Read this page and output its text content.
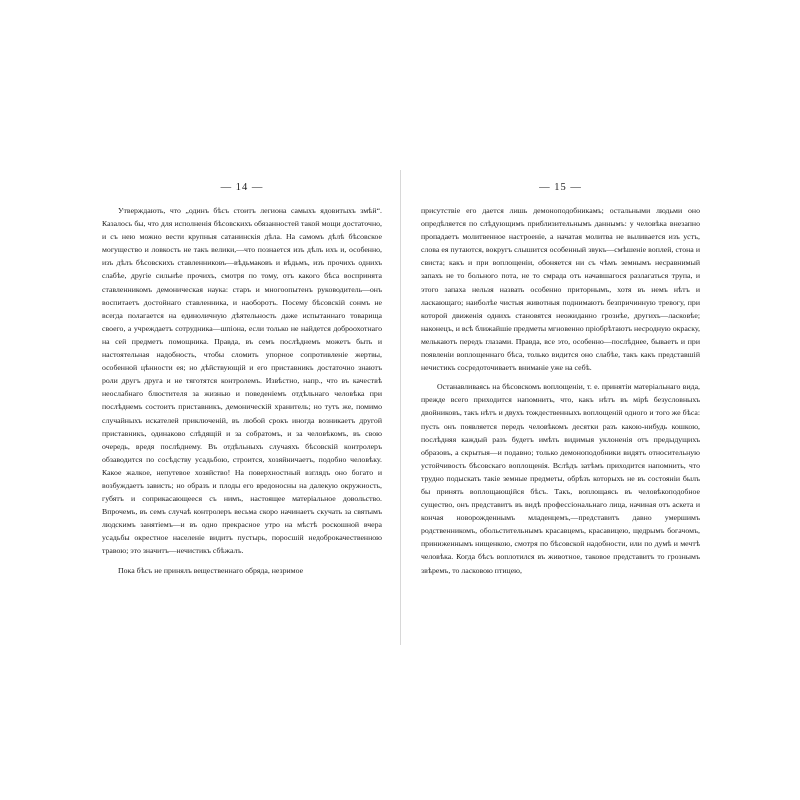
— 14 —

Утверждають, что „одинъ бѣсъ стоитъ легиона самыхъ ядовитыхъ змѣй“. Казалось бы, что для исполненія бѣсовскихъ обязанностей такой мощи достаточно, и съ нею можно вести крупныя сатанинскія дѣла. На самомъ дѣлѣ бѣсовское могущество и ловкость не такъ велики,—что познается изъ дѣлъ ихъ и, особенно, изъ дѣлъ бѣсовскихъ ставленниковъ—вѣдьмаковъ и вѣдьмъ, изъ прочихъ однихъ слабѣе, другіе сильнѣе прочихъ, смотря по тому, отъ какого бѣса воспринята ставленникомъ демоническая наука: старъ и многоопытенъ руководитель—онъ воспитаетъ достойнаго ставленника, и наоборотъ. Посему бѣсовскій сонмъ не всегда полагается на единоличную дѣятельность даже испытаннаго товарища своего, а учреждаетъ сотрудника—шпіона, если только не найдется доброохотнаго на сей предметъ помощника. Правда, въ семъ послѣднемъ можетъ быть и настоятельная надобность, чтобы сломить упорное сопротивленіе жертвы, особенной цѣнности ея; но дѣйствующій и его приставникъ достаточно знаютъ роли другъ друга и не тяготятся контролемъ. Извѣстно, напр., что въ качествѣ неослабнаго блюстителя за жизнью и поведеніемъ отдѣльнаго человѣка при послѣднемъ состоитъ приставникъ, демоническій хранитель; но тутъ же, помимо случайныхъ искателей приключеній, въ любой срокъ иногда возникаетъ другой приставникъ, одинаково слѣдящій и за собратомъ, и за человѣкомъ, въ свою очередь, вредя послѣднему. Въ отдѣльныхъ случаяхъ бѣсовскій контролеръ обзаводится по сосѣдству усадьбою, строится, хозяйничаетъ, подобно человѣку. Какое жалкое, непутевое хозяйство! На поверхностный взглядъ оно богато и возбуждаетъ зависть; но образъ и плоды его вредоносны на далекую окружность, губятъ и соприкасающееся съ нимъ, настоящее матеріальное довольство. Впрочемъ, въ семъ случаѣ контролеръ весьма скоро начинаетъ скучать за святымъ людскимъ занятіемъ—и въ одно прекрасное утро на мѣстѣ роскошной вчера усадьбы окрестное населеніе видитъ пустырь, поросшій недоброкачественною травою; это значитъ—нечистикъ сбѣжалъ.

Пока бѣсъ не принялъ вещественнаго обряда, незримое

— 15 —

присутствіе его дается лишь демоноподобникамъ; остальными людьми оно опредѣляется по слѣдующимъ приблизительнымъ даннымъ: у человѣка внезапно пропадаетъ молитвенное настроеніе, а начатая молитва не выливается изъ устъ, слова ея путаются, вокругъ слышится особенный звукъ—смѣшеніе воплей, стона и свиста; какъ и при воплощеніи, обоняется ни съ чѣмъ земнымъ несравнимый запахъ не то больного пота, не то смрада отъ начавшагося разлагаться трупа, и этого запаха нельзя назвать особенно приторнымъ, хотя въ немъ нѣтъ и ласкающаго; наиболѣе чистыя животныя поднимаютъ безпричинную тревогу, при которой движенія однихъ становятся неожиданно грознѣе, другихъ—ласковѣе; наконецъ, и всѣ ближайшіе предметы мгновенно пріобрѣтаютъ несродную окраску, мелькаютъ передъ глазами. Правда, все это, особенно—послѣднее, бываетъ и при появленіи воплощеннаго бѣса, только видится оно слабѣе, такъ какъ представшій нечистикъ сосредоточиваетъ вниманіе уже на себѣ.

Останавливаясь на бѣсовскомъ воплощеніи, т. е. принятіи матеріальнаго вида, прежде всего приходится напомнить, что, какъ нѣтъ въ мірѣ безусловныхъ двойниковъ, такъ нѣтъ и двухъ тождественныхъ воплощеній одного и того же бѣса: пусть онъ появляется передъ человѣкомъ десятки разъ какою-нибудь кошкою, послѣдняя каждый разъ будетъ имѣть видимыя уклоненія отъ предыдущихъ образовъ, а скрытыя—и подавно; только демоноподобники видятъ относительную устойчивость бѣсовскаго воплощенія. Вслѣдъ затѣмъ приходится напомнить, что трудно подыскать такіе земные предметы, обрѣзъ которыхъ не въ состояніи былъ бы принять воплощающійся бѣсъ. Такъ, воплощаясь въ человѣкоподобное существо, онъ представитъ въ видѣ профессіональнаго лица, начиная отъ аскета и кончая новорожденнымъ младенцемъ,—представитъ давно умершимъ родственникомъ, обольстительнымъ красавцемъ, красавицею, щедрымъ богачомъ, приниженнымъ нищенкою, смотря по бѣсовской надобности, или по думѣ и мечтѣ человѣка. Когда бѣсъ воплотился въ животное, таковое представитъ то грознымъ звѣремъ, то ласковою птицею,
